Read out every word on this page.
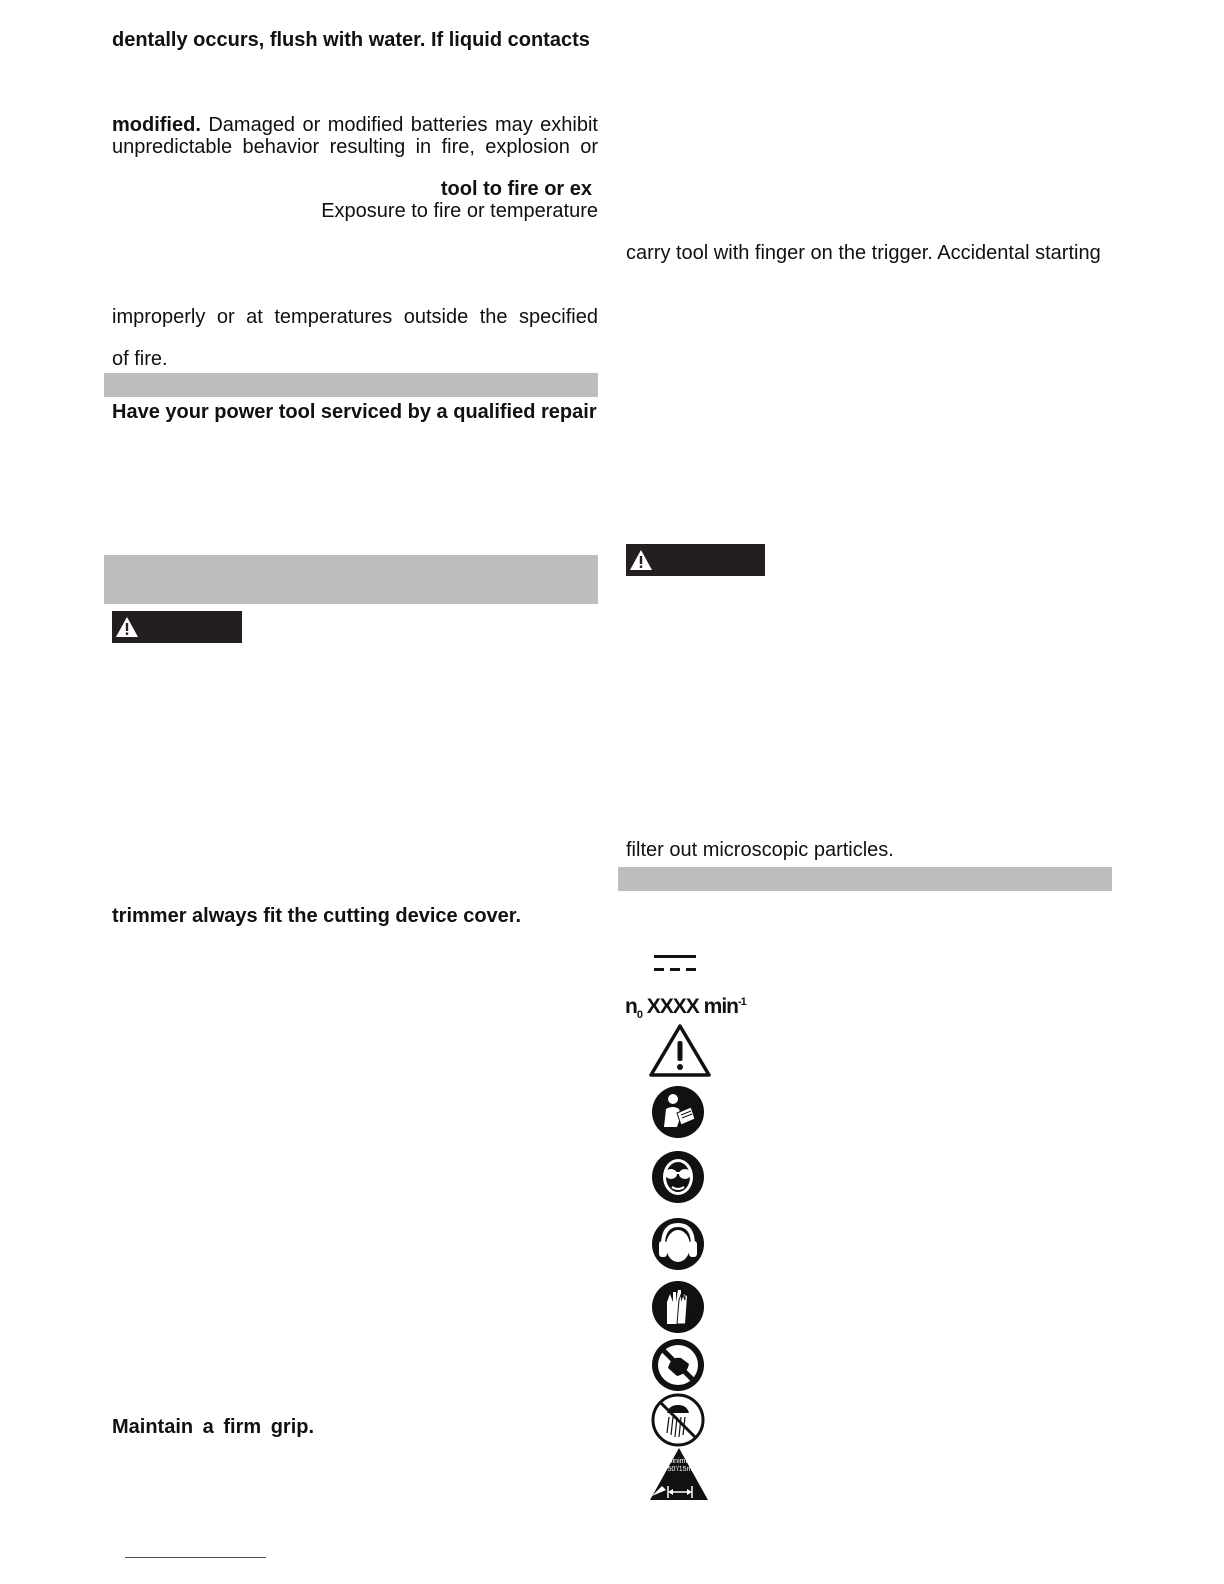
dentally occurs, flush with water. If liquid contacts
modified. Damaged or modified batteries may exhibit
unpredictable behavior resulting in fire, explosion or
tool to fire or ex
Exposure to fire or temperature
improperly or at temperatures outside the specified
of fire.
Have your power tool serviced by a qualified repair
trimmer always fit the cutting device cover.
Maintain a firm grip.
carry tool with finger on the trigger. Accidental starting
filter out microscopic particles.
$n_0$ XXXX $\min^{-1}$
minimum
50'/15m
